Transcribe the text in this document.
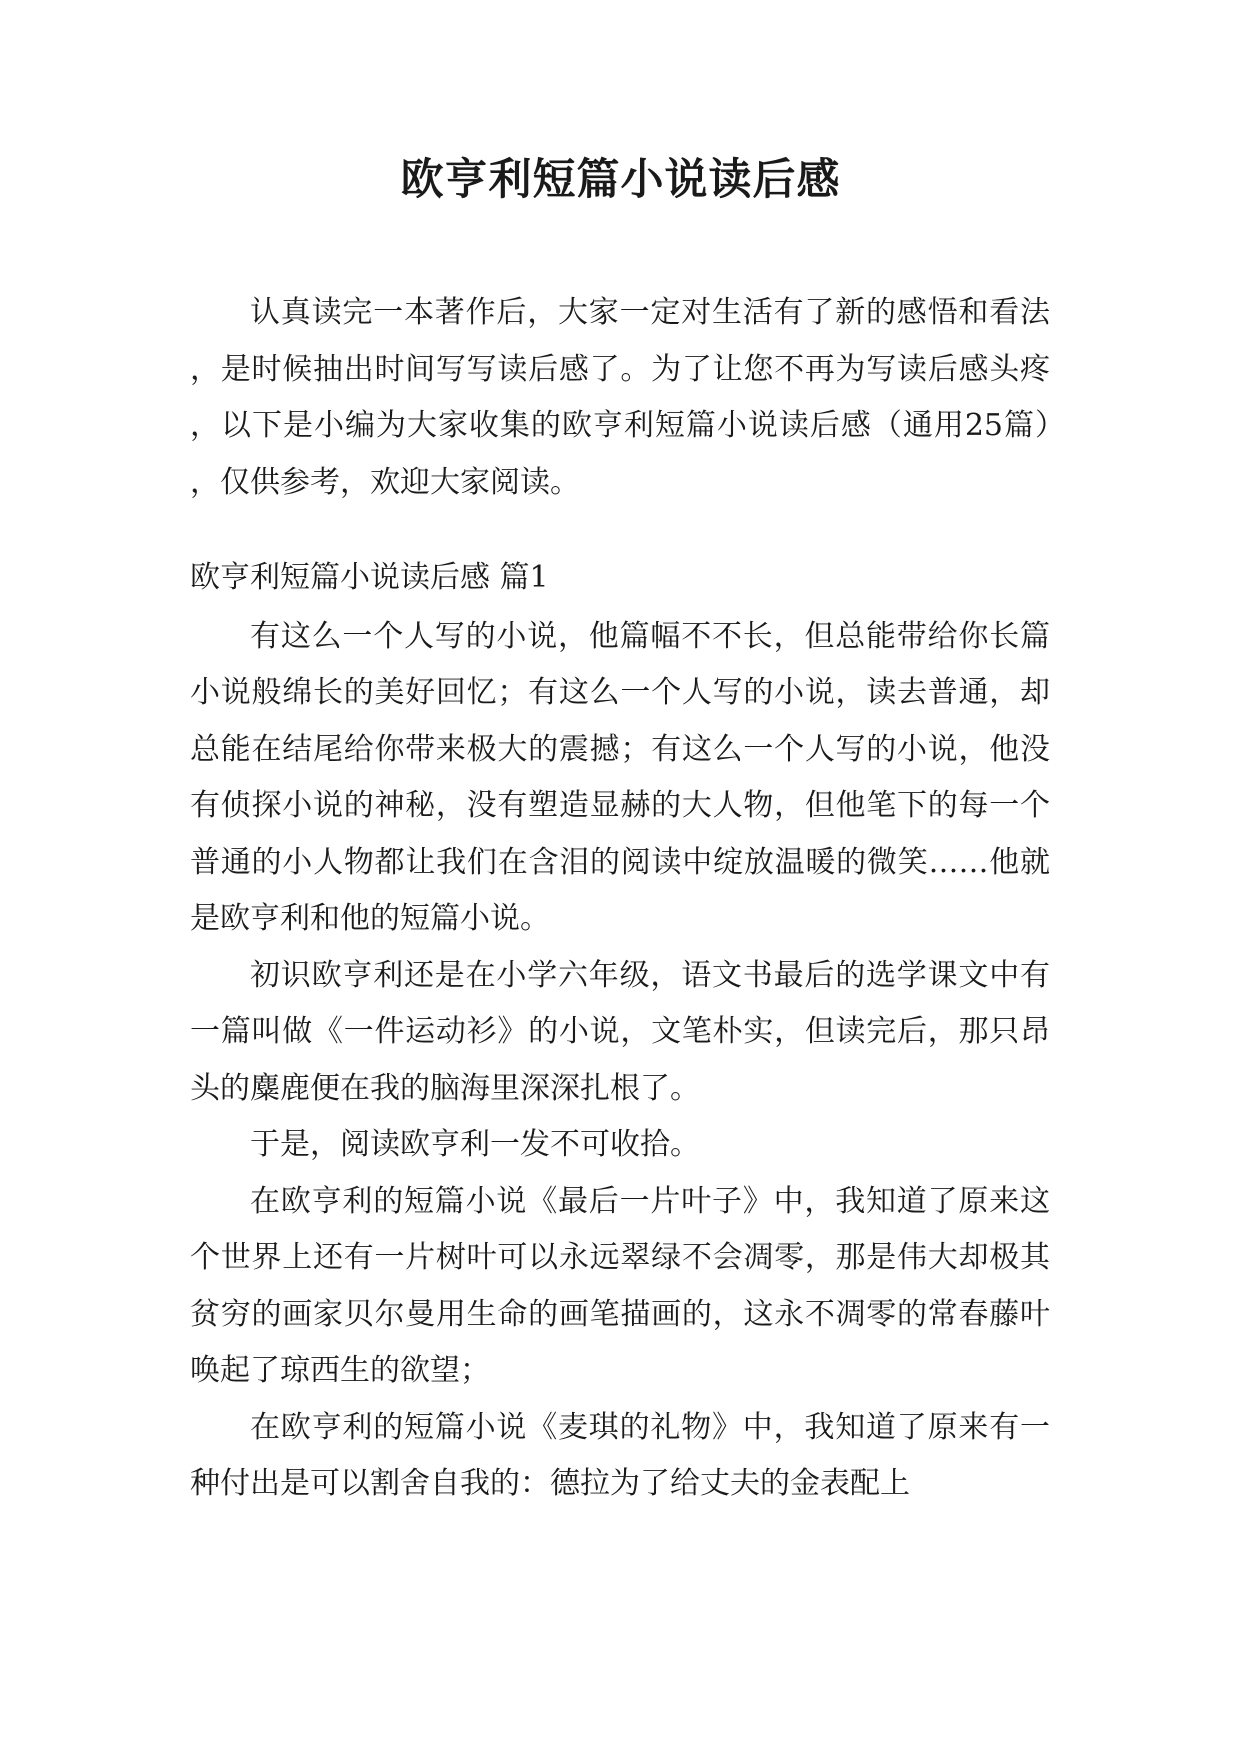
欧亨利短篇小说读后感

认真读完一本著作后，大家一定对生活有了新的感悟和看法，是时候抽出时间写写读后感了。为了让您不再为写读后感头疼，以下是小编为大家收集的欧亨利短篇小说读后感（通用25篇），仅供参考，欢迎大家阅读。

欧亨利短篇小说读后感 篇1

有这么一个人写的小说，他篇幅不不长，但总能带给你长篇小说般绵长的美好回忆；有这么一个人写的小说，读去普通，却总能在结尾给你带来极大的震撼；有这么一个人写的小说，他没有侦探小说的神秘，没有塑造显赫的大人物，但他笔下的每一个普通的小人物都让我们在含泪的阅读中绽放温暖的微笑……他就是欧亨利和他的短篇小说。

初识欧亨利还是在小学六年级，语文书最后的选学课文中有一篇叫做《一件运动衫》的小说，文笔朴实，但读完后，那只昂头的麋鹿便在我的脑海里深深扎根了。

于是，阅读欧亨利一发不可收拾。

在欧亨利的短篇小说《最后一片叶子》中，我知道了原来这个世界上还有一片树叶可以永远翠绿不会凋零，那是伟大却极其贫穷的画家贝尔曼用生命的画笔描画的，这永不凋零的常春藤叶唤起了琼西生的欲望；

在欧亨利的短篇小说《麦琪的礼物》中，我知道了原来有一种付出是可以割舍自我的：德拉为了给丈夫的金表配上
